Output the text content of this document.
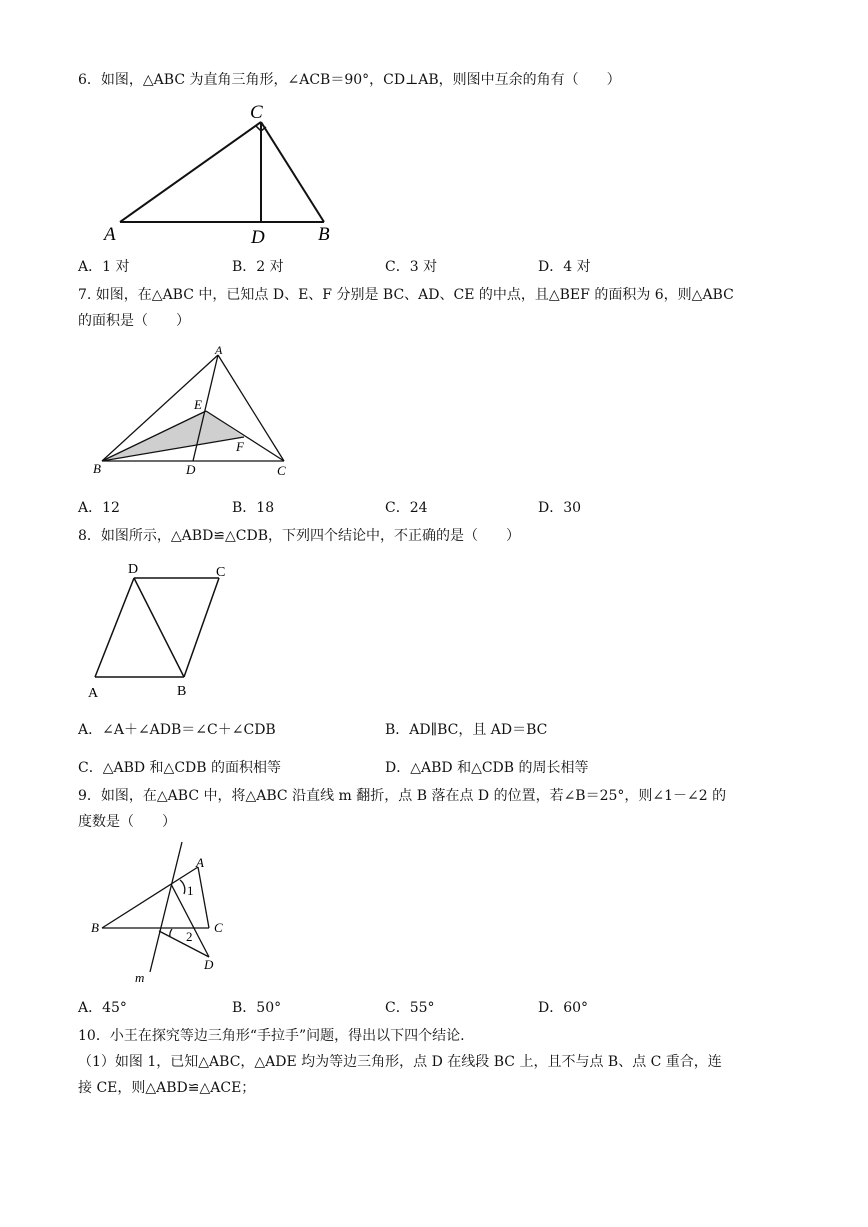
6．如图，△ABC 为直角三角形，∠ACB＝90°，CD⊥AB，则图中互余的角有（　　）
C
A	D	B
A．1 对	B．2 对	C．3 对	D．4 对
7. 如图，在△ABC 中，已知点 D、E、F 分别是 BC、AD、CE 的中点，且△BEF 的面积为 6，则△ABC
的面积是（　　）
A
E
F
B	D	C
A．12	B．18	C．24	D．30
8．如图所示，△ABD≌△CDB，下列四个结论中，不正确的是（　　）
D	C
A	B
A．∠A＋∠ADB＝∠C＋∠CDB	B．AD∥BC，且 AD＝BC
C．△ABD 和△CDB 的面积相等	D．△ABD 和△CDB 的周长相等
9．如图，在△ABC 中，将△ABC 沿直线 m 翻折，点 B 落在点 D 的位置，若∠B＝25°，则∠1－∠2 的
度数是（　　）
A
1
B	C
2
D
m
A．45°	B．50°	C．55°	D．60°
10．小王在探究等边三角形“手拉手”问题，得出以下四个结论.
（1）如图 1，已知△ABC，△ADE 均为等边三角形，点 D 在线段 BC 上，且不与点 B、点 C 重合，连
接 CE，则△ABD≌△ACE；
